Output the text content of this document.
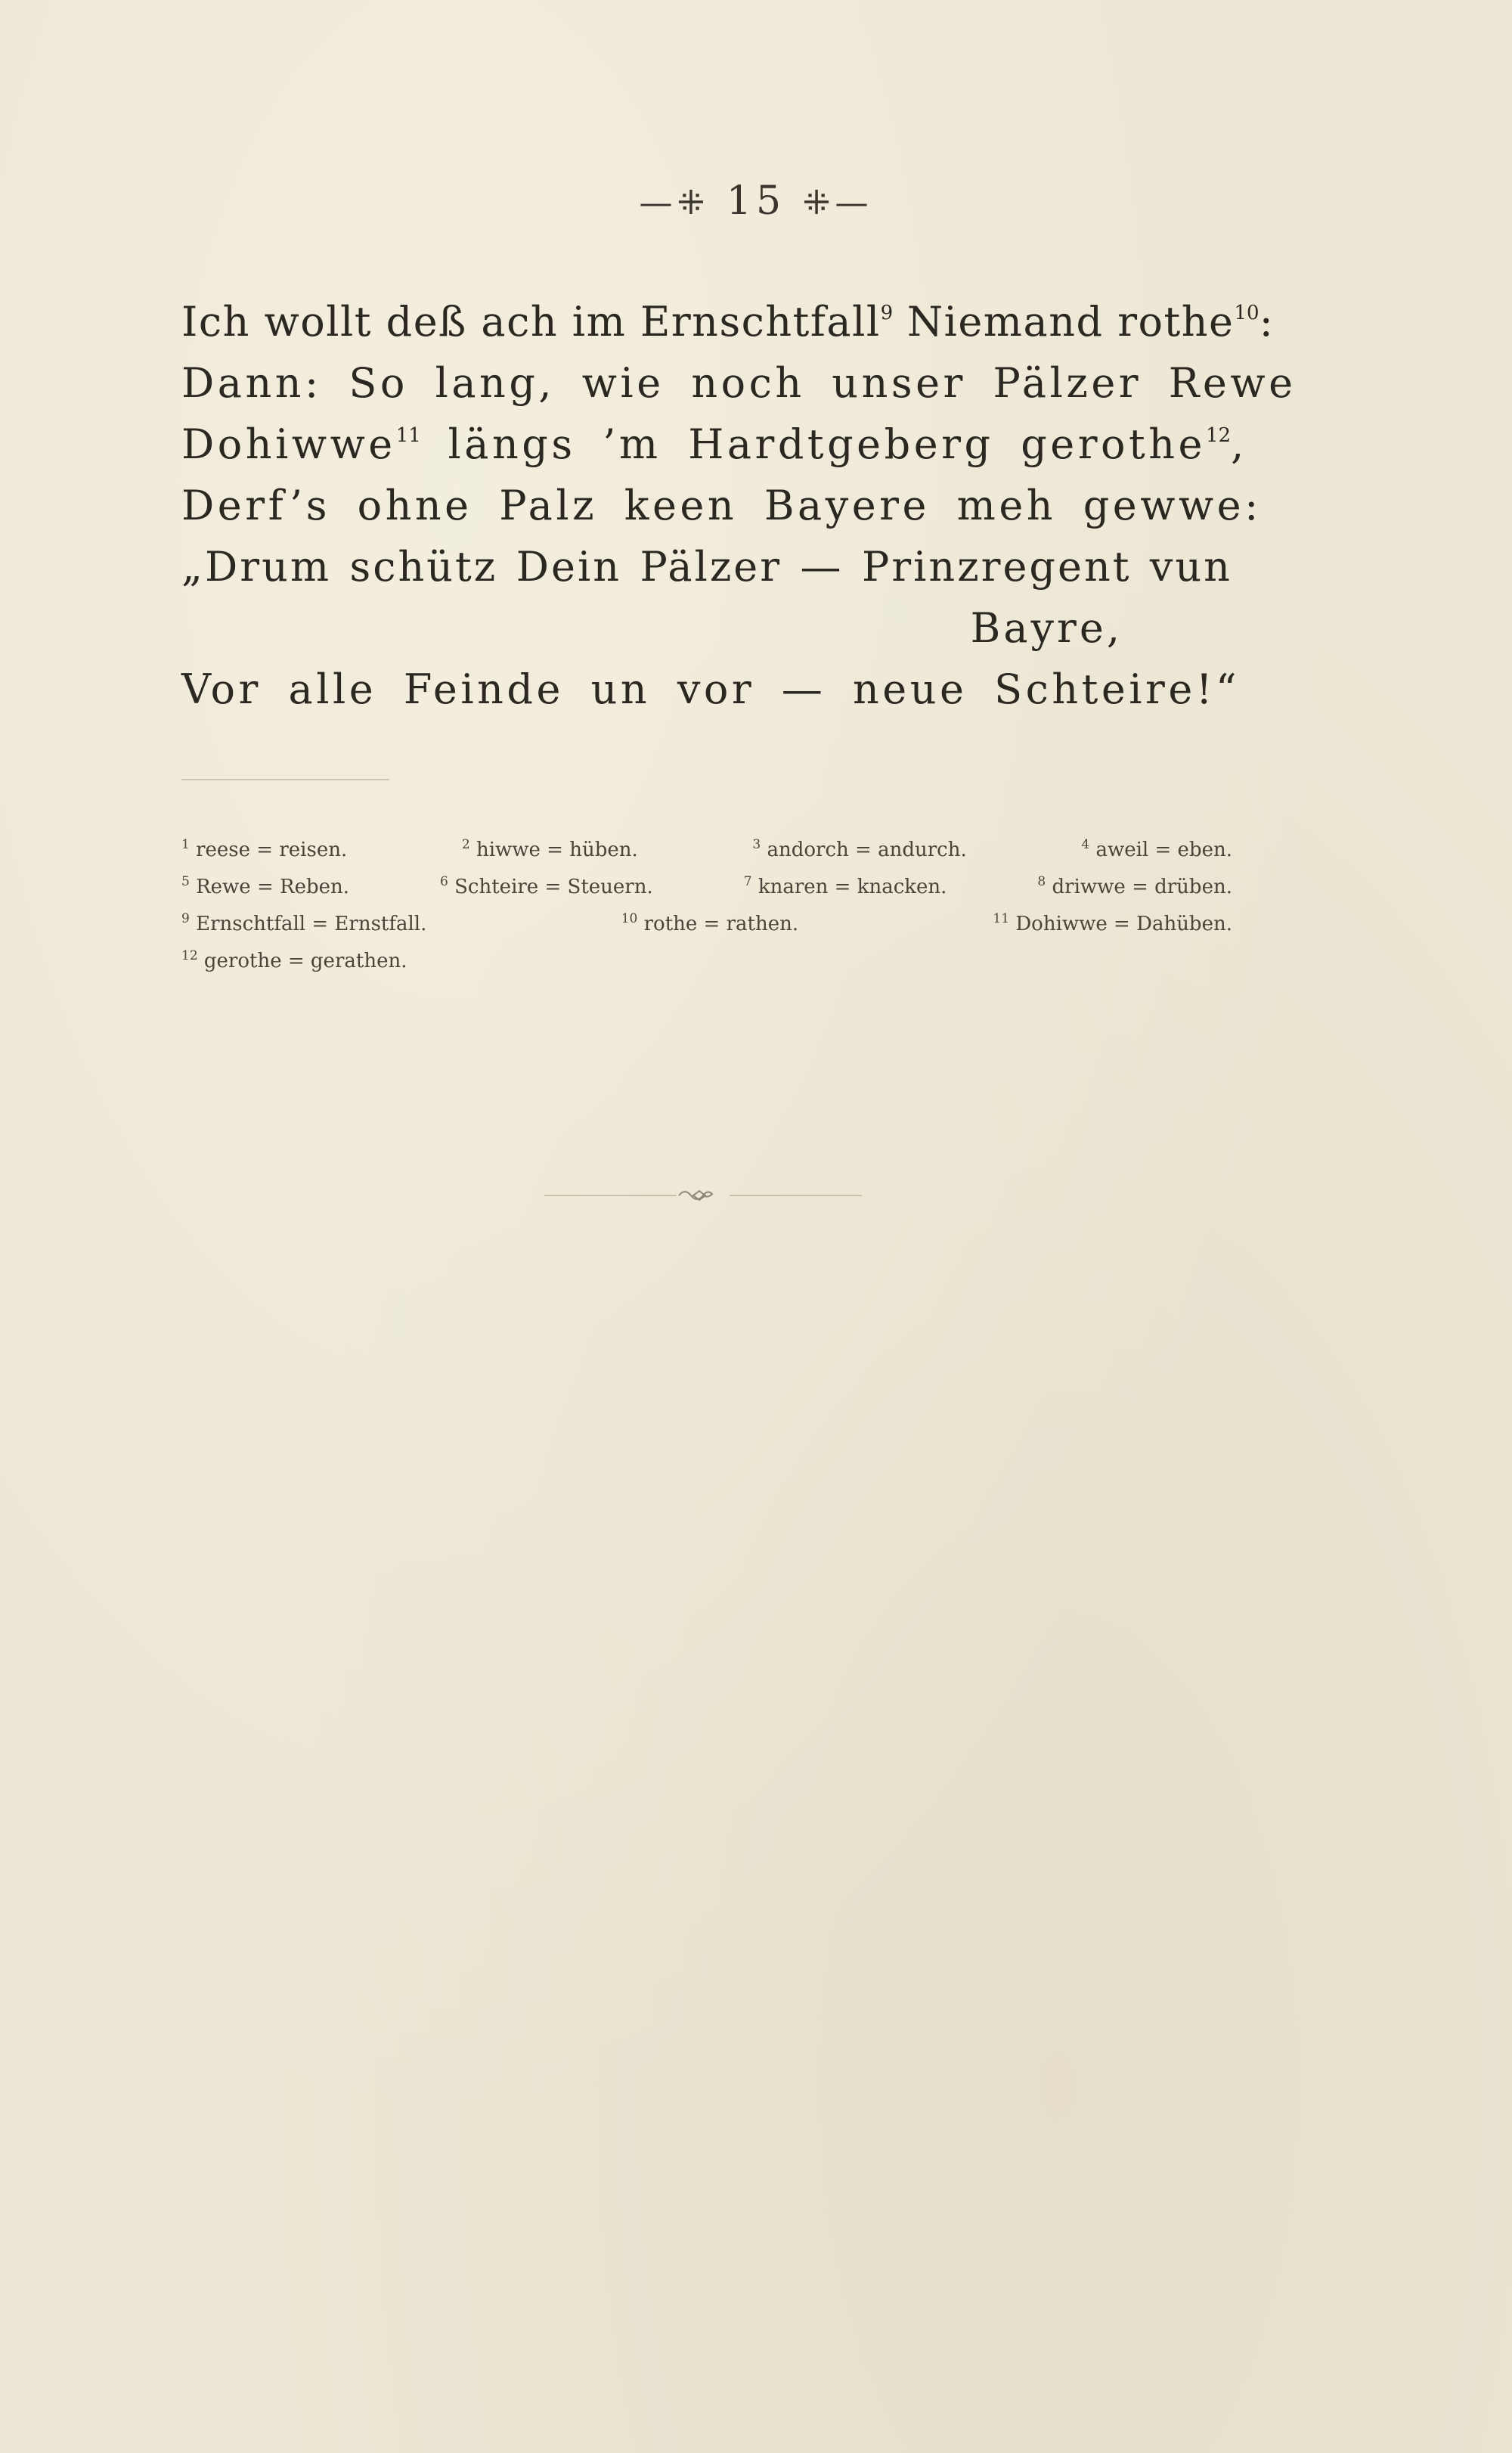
—⁜ 15 ⁜—
Ich wollt deß ach im Ernschtfall$^9$ Niemand rothe$^{10}$:
Dann: So lang, wie noch unser Pälzer Rewe
Dohiwwe$^{11}$ längs ’m Hardtgeberg gerothe$^{12}$,
Derf’s ohne Palz keen Bayere meh gewwe:
„Drum schütz Dein Pälzer — Prinzregent vun
Bayre,
Vor alle Feinde un vor — neue Schteire!“
$^1$ reese = reisen.	$^2$ hiwwe = hüben.	$^3$ andorch = andurch.	$^4$ aweil = eben.
$^5$ Rewe = Reben.	$^6$ Schteire = Steuern.	$^7$ knaren = knacken.	$^8$ driwwe = drüben.
$^9$ Ernschtfall = Ernstfall.	$^{10}$ rothe = rathen.	$^{11}$ Dohiwwe = Dahüben.
$^{12}$ gerothe = gerathen.
